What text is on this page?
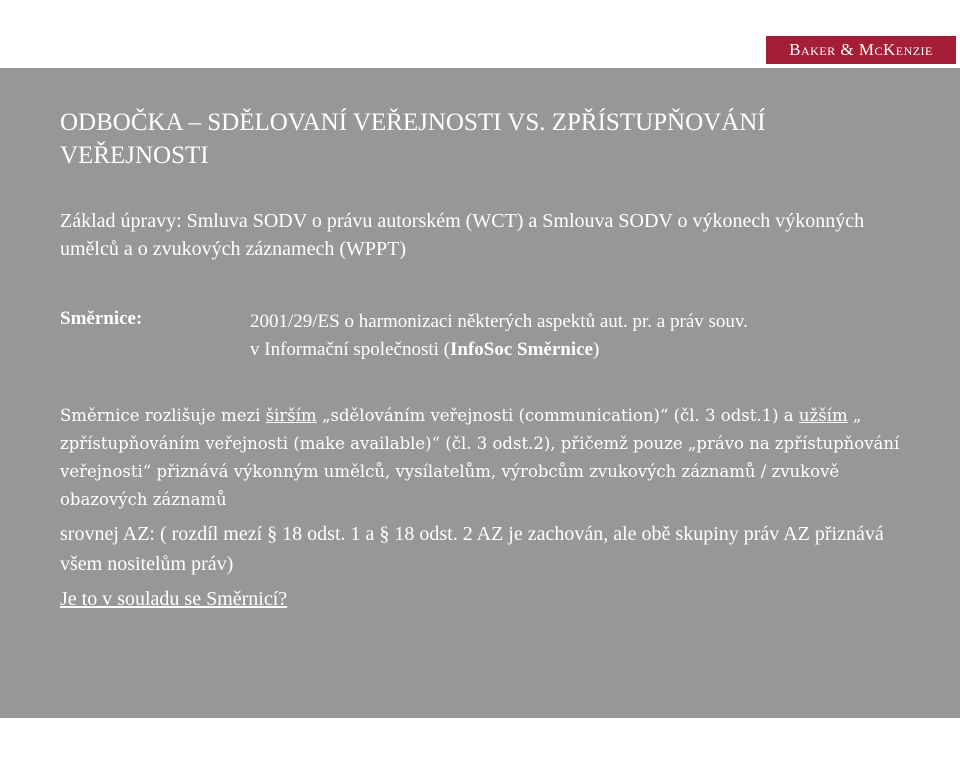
Baker & McKenzie
ODBOČKA – SDĚLOVANÍ VEŘEJNOSTI VS. ZPŘÍSTUPŇOVÁNÍ VEŘEJNOSTI

Základ úpravy: Smluva SODV o právu autorském (WCT) a Smlouva SODV o výkonech výkonných umělců a o zvukových záznamech (WPPT)

Směrnice:	2001/29/ES o harmonizaci některých aspektů aut. pr. a práv souv.
v Informační společnosti (InfoSoc Směrnice)

Směrnice rozlišuje mezi širším „sdělováním veřejnosti (communication)“ (čl. 3 odst.1) a užším „ zpřístupňováním veřejnosti (make available)“ (čl. 3 odst.2), přičemž pouze „právo na zpřístupňování veřejnosti“ přiznává výkonným umělců, vysílatelům, výrobcům zvukových záznamů / zvukově obazových záznamů

srovnej AZ: ( rozdíl mezí § 18 odst. 1 a § 18 odst. 2 AZ je zachován, ale obě skupiny práv AZ přiznává všem nositelům práv)

Je to v souladu se Směrnicí?

©2016 Baker & McKenzie 9
